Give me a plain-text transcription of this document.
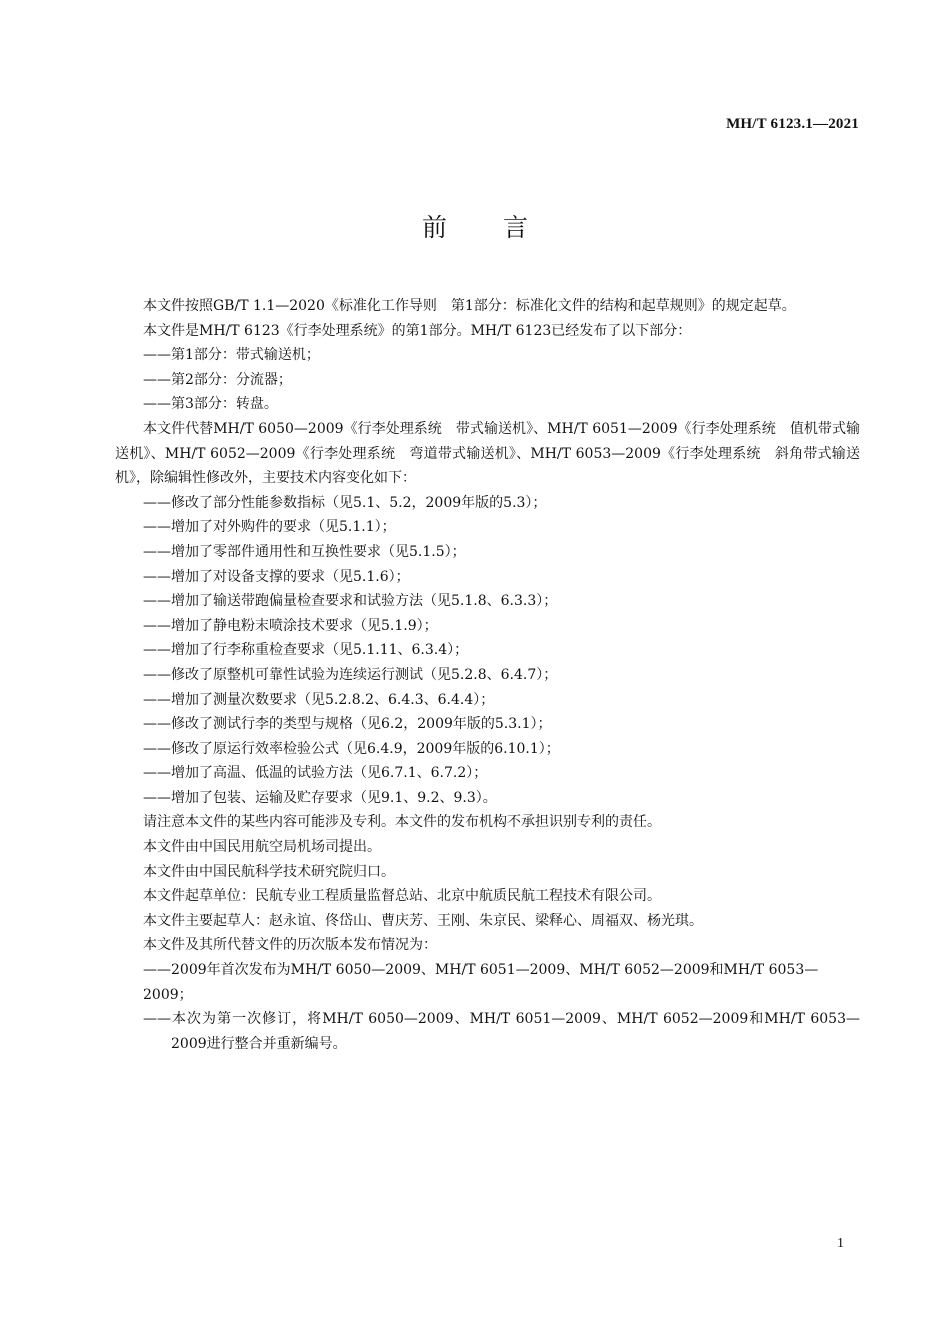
MH/T 6123.1—2021
前言

本文件按照GB/T 1.1—2020《标准化工作导则　第1部分：标准化文件的结构和起草规则》的规定起草。

本文件是MH/T 6123《行李处理系统》的第1部分。MH/T 6123已经发布了以下部分：

——第1部分：带式输送机；

——第2部分：分流器；

——第3部分：转盘。

本文件代替MH/T 6050—2009《行李处理系统　带式输送机》、MH/T 6051—2009《行李处理系统　值机带式输送机》、MH/T 6052—2009《行李处理系统　弯道带式输送机》、MH/T 6053—2009《行李处理系统　斜角带式输送机》，除编辑性修改外，主要技术内容变化如下：

——修改了部分性能参数指标（见5.1、5.2，2009年版的5.3）；

——增加了对外购件的要求（见5.1.1）；

——增加了零部件通用性和互换性要求（见5.1.5）；

——增加了对设备支撑的要求（见5.1.6）；

——增加了输送带跑偏量检查要求和试验方法（见5.1.8、6.3.3）；

——增加了静电粉末喷涂技术要求（见5.1.9）；

——增加了行李称重检查要求（见5.1.11、6.3.4）；

——修改了原整机可靠性试验为连续运行测试（见5.2.8、6.4.7）；

——增加了测量次数要求（见5.2.8.2、6.4.3、6.4.4）；

——修改了测试行李的类型与规格（见6.2，2009年版的5.3.1）；

——修改了原运行效率检验公式（见6.4.9，2009年版的6.10.1）；

——增加了高温、低温的试验方法（见6.7.1、6.7.2）；

——增加了包装、运输及贮存要求（见9.1、9.2、9.3）。

请注意本文件的某些内容可能涉及专利。本文件的发布机构不承担识别专利的责任。

本文件由中国民用航空局机场司提出。

本文件由中国民航科学技术研究院归口。

本文件起草单位：民航专业工程质量监督总站、北京中航质民航工程技术有限公司。

本文件主要起草人：赵永谊、佟岱山、曹庆芳、王刚、朱京民、梁释心、周福双、杨光琪。

本文件及其所代替文件的历次版本发布情况为：

——2009年首次发布为MH/T 6050—2009、MH/T 6051—2009、MH/T 6052—2009和MH/T 6053—2009；

——本次为第一次修订，将MH/T 6050—2009、MH/T 6051—2009、MH/T 6052—2009和MH/T 6053—2009进行整合并重新编号。

1
